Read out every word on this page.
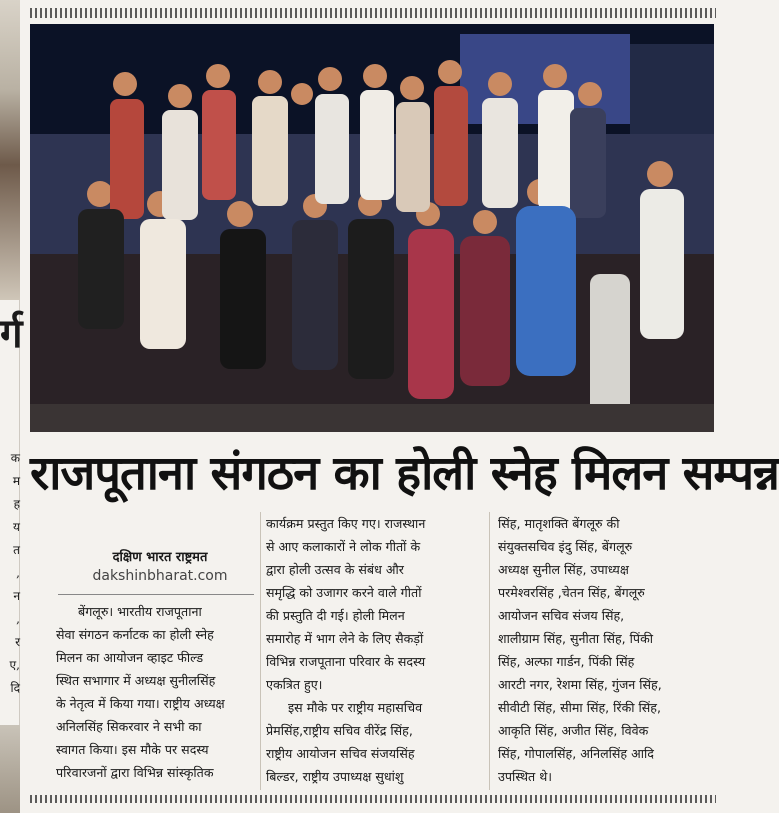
र्ग
क
म
ह
य
त
,
न
,
र
ए,
दि
राजपूताना संगठन का होली स्नेह मिलन सम्पन्न
दक्षिण भारत राष्ट्रमत
dakshinbharat.com
बेंगलूरु। भारतीय राजपूताना
सेवा संगठन कर्नाटक का होली स्नेह
मिलन का आयोजन व्हाइट फील्ड
स्थित सभागार में अध्यक्ष सुनीलसिंह
के नेतृत्व में किया गया। राष्ट्रीय अध्यक्ष
अनिलसिंह सिकरवार ने सभी का
स्वागत किया। इस मौके पर सदस्य
परिवारजनों द्वारा विभिन्न सांस्कृतिक
कार्यक्रम प्रस्तुत किए गए। राजस्थान
से आए कलाकारों ने लोक गीतों के
द्वारा होली उत्सव के संबंध और
समृद्धि को उजागर करने वाले गीतों
की प्रस्तुति दी गई। होली मिलन
समारोह में भाग लेने के लिए सैकड़ों
विभिन्न राजपूताना परिवार के सदस्य
एकत्रित हुए।
इस मौके पर राष्ट्रीय महासचिव
प्रेमसिंह,राष्ट्रीय सचिव वीरेंद्र सिंह,
राष्ट्रीय आयोजन सचिव संजयसिंह
बिल्डर, राष्ट्रीय उपाध्यक्ष सुधांशु
सिंह, मातृशक्ति बेंगलूरु की
संयुक्तसचिव इंदु सिंह, बेंगलूरु
अध्यक्ष सुनील सिंह, उपाध्यक्ष
परमेश्वरसिंह ,चेतन सिंह, बेंगलूरु
आयोजन सचिव संजय सिंह,
शालीग्राम सिंह, सुनीता सिंह, पिंकी
सिंह, अल्फा गार्डन, पिंकी सिंह
आरटी नगर, रेशमा सिंह, गुंजन सिंह,
सीवीटी सिंह, सीमा सिंह, रिंकी सिंह,
आकृति सिंह, अजीत सिंह, विवेक
सिंह, गोपालसिंह, अनिलसिंह आदि
उपस्थित थे।
